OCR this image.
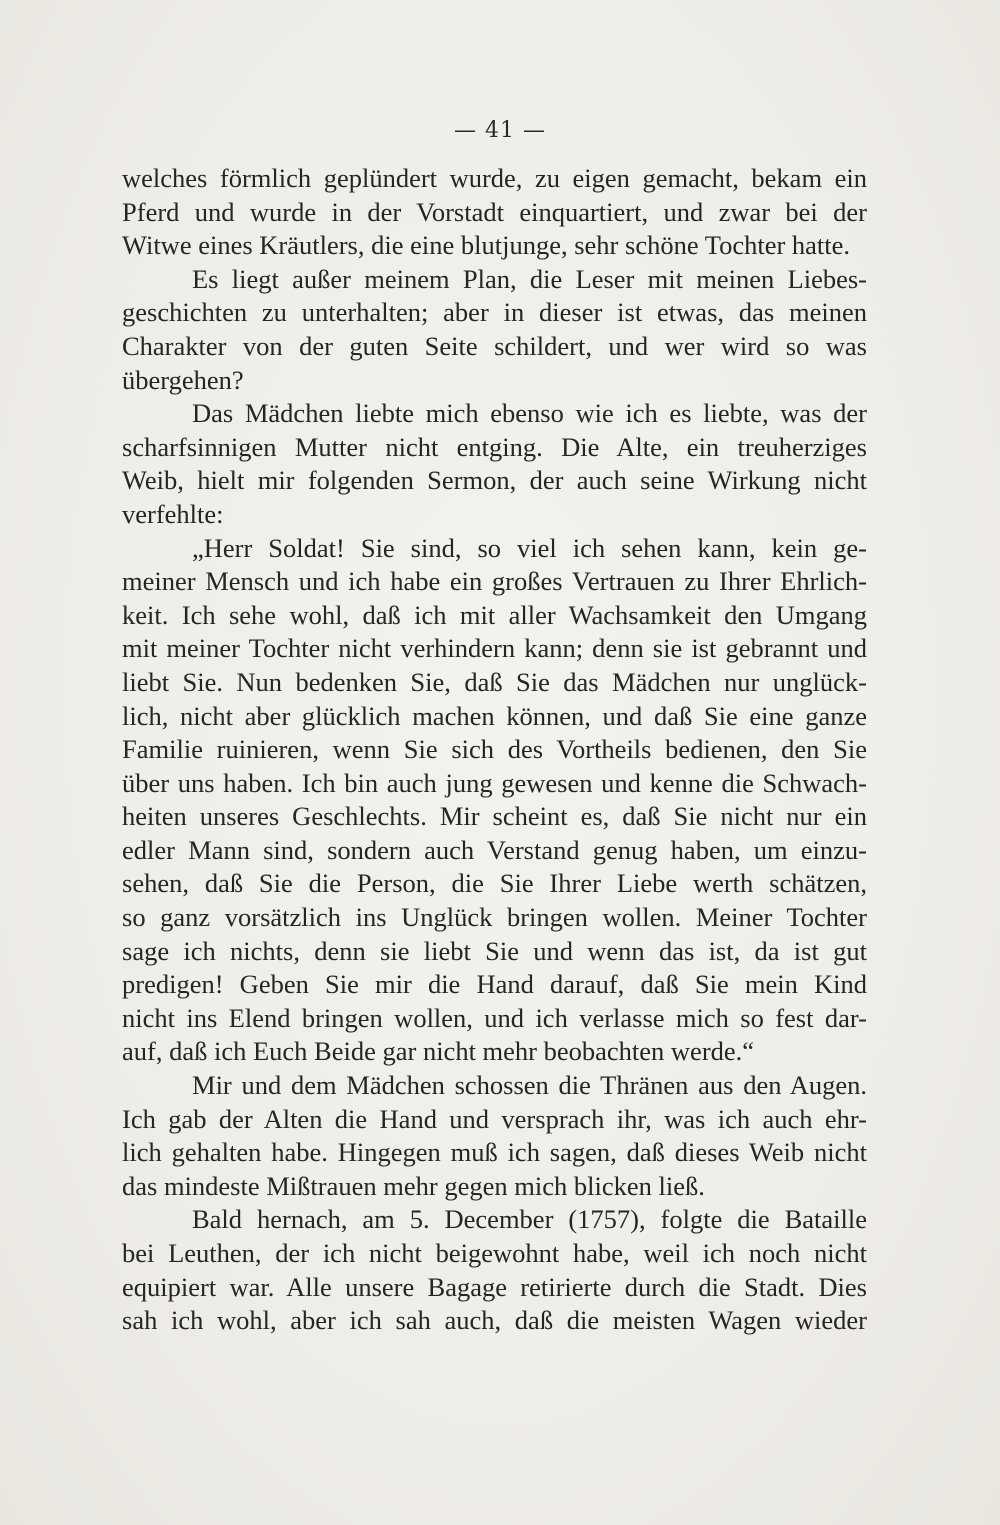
— 41 —
welches förmlich geplündert wurde, zu eigen gemacht, bekam ein
Pferd und wurde in der Vorstadt einquartiert, und zwar bei der
Witwe eines Kräutlers, die eine blutjunge, sehr schöne Tochter hatte.
Es liegt außer meinem Plan, die Leser mit meinen Liebes-
geschichten zu unterhalten; aber in dieser ist etwas, das meinen
Charakter von der guten Seite schildert, und wer wird so was
übergehen?
Das Mädchen liebte mich ebenso wie ich es liebte, was der
scharfsinnigen Mutter nicht entging. Die Alte, ein treuherziges
Weib, hielt mir folgenden Sermon, der auch seine Wirkung nicht
verfehlte:
„Herr Soldat! Sie sind, so viel ich sehen kann, kein ge-
meiner Mensch und ich habe ein großes Vertrauen zu Ihrer Ehrlich-
keit. Ich sehe wohl, daß ich mit aller Wachsamkeit den Umgang
mit meiner Tochter nicht verhindern kann; denn sie ist gebrannt und
liebt Sie. Nun bedenken Sie, daß Sie das Mädchen nur unglück-
lich, nicht aber glücklich machen können, und daß Sie eine ganze
Familie ruinieren, wenn Sie sich des Vortheils bedienen, den Sie
über uns haben. Ich bin auch jung gewesen und kenne die Schwach-
heiten unseres Geschlechts. Mir scheint es, daß Sie nicht nur ein
edler Mann sind, sondern auch Verstand genug haben, um einzu-
sehen, daß Sie die Person, die Sie Ihrer Liebe werth schätzen,
so ganz vorsätzlich ins Unglück bringen wollen. Meiner Tochter
sage ich nichts, denn sie liebt Sie und wenn das ist, da ist gut
predigen! Geben Sie mir die Hand darauf, daß Sie mein Kind
nicht ins Elend bringen wollen, und ich verlasse mich so fest dar-
auf, daß ich Euch Beide gar nicht mehr beobachten werde.“
Mir und dem Mädchen schossen die Thränen aus den Augen.
Ich gab der Alten die Hand und versprach ihr, was ich auch ehr-
lich gehalten habe. Hingegen muß ich sagen, daß dieses Weib nicht
das mindeste Mißtrauen mehr gegen mich blicken ließ.
Bald hernach, am 5. December (1757), folgte die Bataille
bei Leuthen, der ich nicht beigewohnt habe, weil ich noch nicht
equipiert war. Alle unsere Bagage retirierte durch die Stadt. Dies
sah ich wohl, aber ich sah auch, daß die meisten Wagen wieder
